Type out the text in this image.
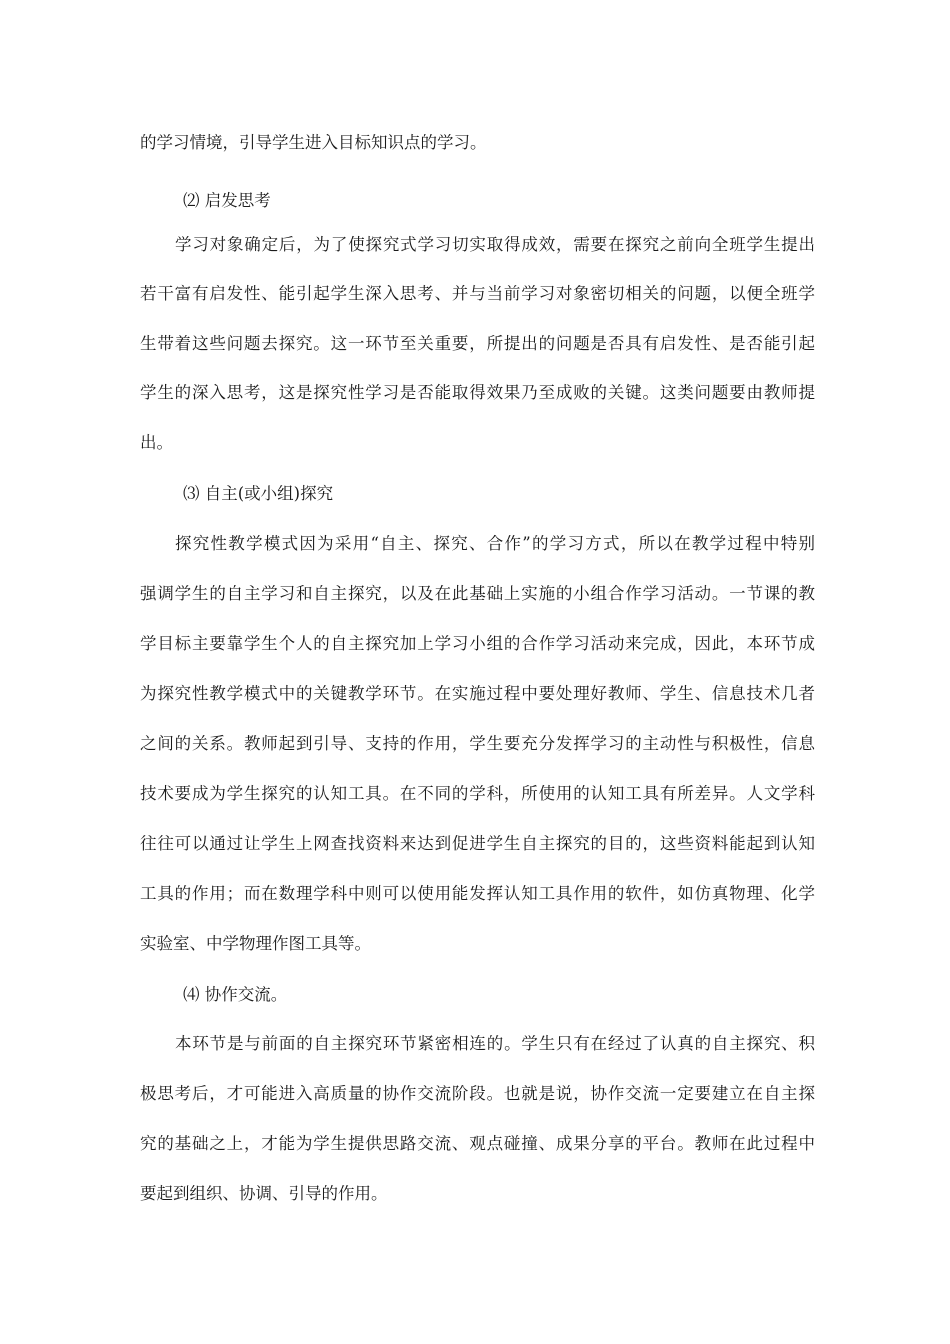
的学习情境，引导学生进入目标知识点的学习。
⑵ 启发思考
学习对象确定后，为了使探究式学习切实取得成效，需要在探究之前向全班学生提出
若干富有启发性、能引起学生深入思考、并与当前学习对象密切相关的问题，以便全班学
生带着这些问题去探究。这一环节至关重要，所提出的问题是否具有启发性、是否能引起
学生的深入思考，这是探究性学习是否能取得效果乃至成败的关键。这类问题要由教师提
出。
⑶ 自主(或小组)探究
探究性教学模式因为采用“自主、探究、合作”的学习方式，所以在教学过程中特别
强调学生的自主学习和自主探究，以及在此基础上实施的小组合作学习活动。一节课的教
学目标主要靠学生个人的自主探究加上学习小组的合作学习活动来完成，因此，本环节成
为探究性教学模式中的关键教学环节。在实施过程中要处理好教师、学生、信息技术几者
之间的关系。教师起到引导、支持的作用，学生要充分发挥学习的主动性与积极性，信息
技术要成为学生探究的认知工具。在不同的学科，所使用的认知工具有所差异。人文学科
往往可以通过让学生上网查找资料来达到促进学生自主探究的目的，这些资料能起到认知
工具的作用；而在数理学科中则可以使用能发挥认知工具作用的软件，如仿真物理、化学
实验室、中学物理作图工具等。
⑷ 协作交流。
本环节是与前面的自主探究环节紧密相连的。学生只有在经过了认真的自主探究、积
极思考后，才可能进入高质量的协作交流阶段。也就是说，协作交流一定要建立在自主探
究的基础之上，才能为学生提供思路交流、观点碰撞、成果分享的平台。教师在此过程中
要起到组织、协调、引导的作用。
